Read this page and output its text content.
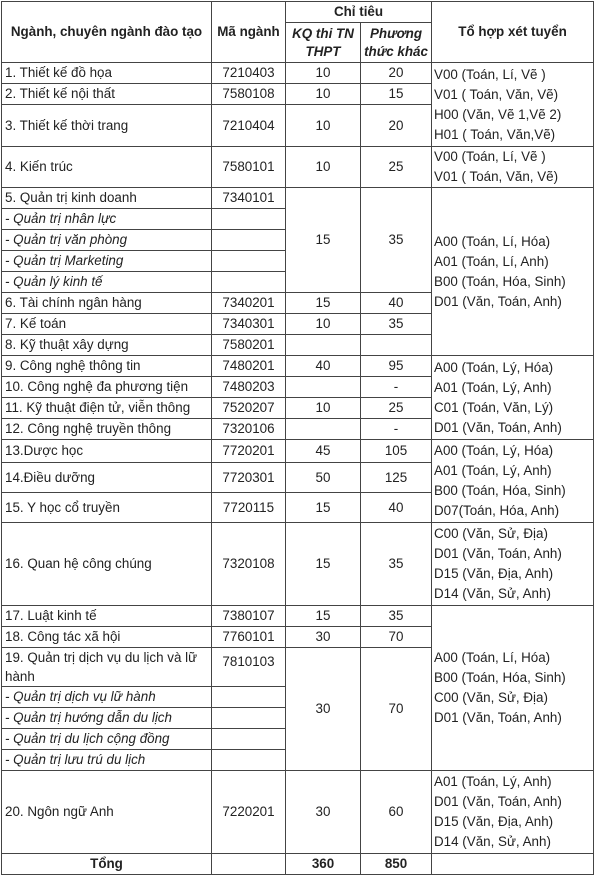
Ngành, chuyên ngành đào tạo	Mã ngành	Chỉ tiêu		Tổ hợp xét tuyển
		KQ thi TN THPT	Phương thức khác	
1. Thiết kế đồ họa	7210403	10	20	V00 (Toán, Lí, Vẽ )
V01 ( Toán, Văn, Vẽ)
H00 (Văn, Vẽ 1,Vẽ 2)
H01 ( Toán, Văn,Vẽ)

2. Thiết kế nội thất	7580108	10	15	
3. Thiết kế thời trang	7210404	10	20	
4. Kiến trúc	7580101	10	25	V00 (Toán, Lí, Vẽ )
V01 ( Toán, Văn, Vẽ)

5. Quản trị kinh doanh	7340101	15	35	A00 (Toán, Lí, Hóa)
A01 (Toán, Lí, Anh)
B00 (Toán, Hóa, Sinh)
D01 (Văn, Toán, Anh)

- Quản trị nhân lực				
- Quản trị văn phòng				
- Quản trị Marketing				
- Quản lý kinh tế				
6. Tài chính ngân hàng	7340201	15	40	
7. Kế toán	7340301	10	35	
8. Kỹ thuật xây dựng	7580201			
9. Công nghệ thông tin	7480201	40	95	A00 (Toán, Lý, Hóa)
A01 (Toán, Lý, Anh)
C01 (Toán, Văn, Lý)
D01 (Văn, Toán, Anh)

10. Công nghệ đa phương tiện	7480203		-	
11. Kỹ thuật điện tử, viễn thông	7520207	10	25	
12. Công nghệ truyền thông	7320106		-	
13.Dược học	7720201	45	105	A00 (Toán, Lý, Hóa)
A01 (Toán, Lý, Anh)
B00 (Toán, Hóa, Sinh)
D07(Toán, Hóa, Anh)

14.Điều dưỡng	7720301	50	125	
15. Y học cổ truyền	7720115	15	40	
16. Quan hệ công chúng	7320108	15	35	C00 (Văn, Sử, Địa)
D01 (Văn, Toán, Anh)
D15 (Văn, Địa, Anh)
D14 (Văn, Sử, Anh)

17. Luật kinh tế	7380107	15	35	A00 (Toán, Lí, Hóa)
B00 (Toán, Hóa, Sinh)
C00 (Văn, Sử, Địa)
D01 (Văn, Toán, Anh)

18. Công tác xã hội	7760101	30	70	
19. Quản trị dịch vụ du lịch và lữ hành	7810103	30	70	
- Quản trị dịch vụ lữ hành				
- Quản trị hướng dẫn du lịch				
- Quản trị du lịch cộng đồng				
- Quản trị lưu trú du lịch				
20. Ngôn ngữ Anh	7220201	30	60	A01 (Toán, Lý, Anh)
D01 (Văn, Toán, Anh)
D15 (Văn, Địa, Anh)
D14 (Văn, Sử, Anh)

Tổng		360	850	
